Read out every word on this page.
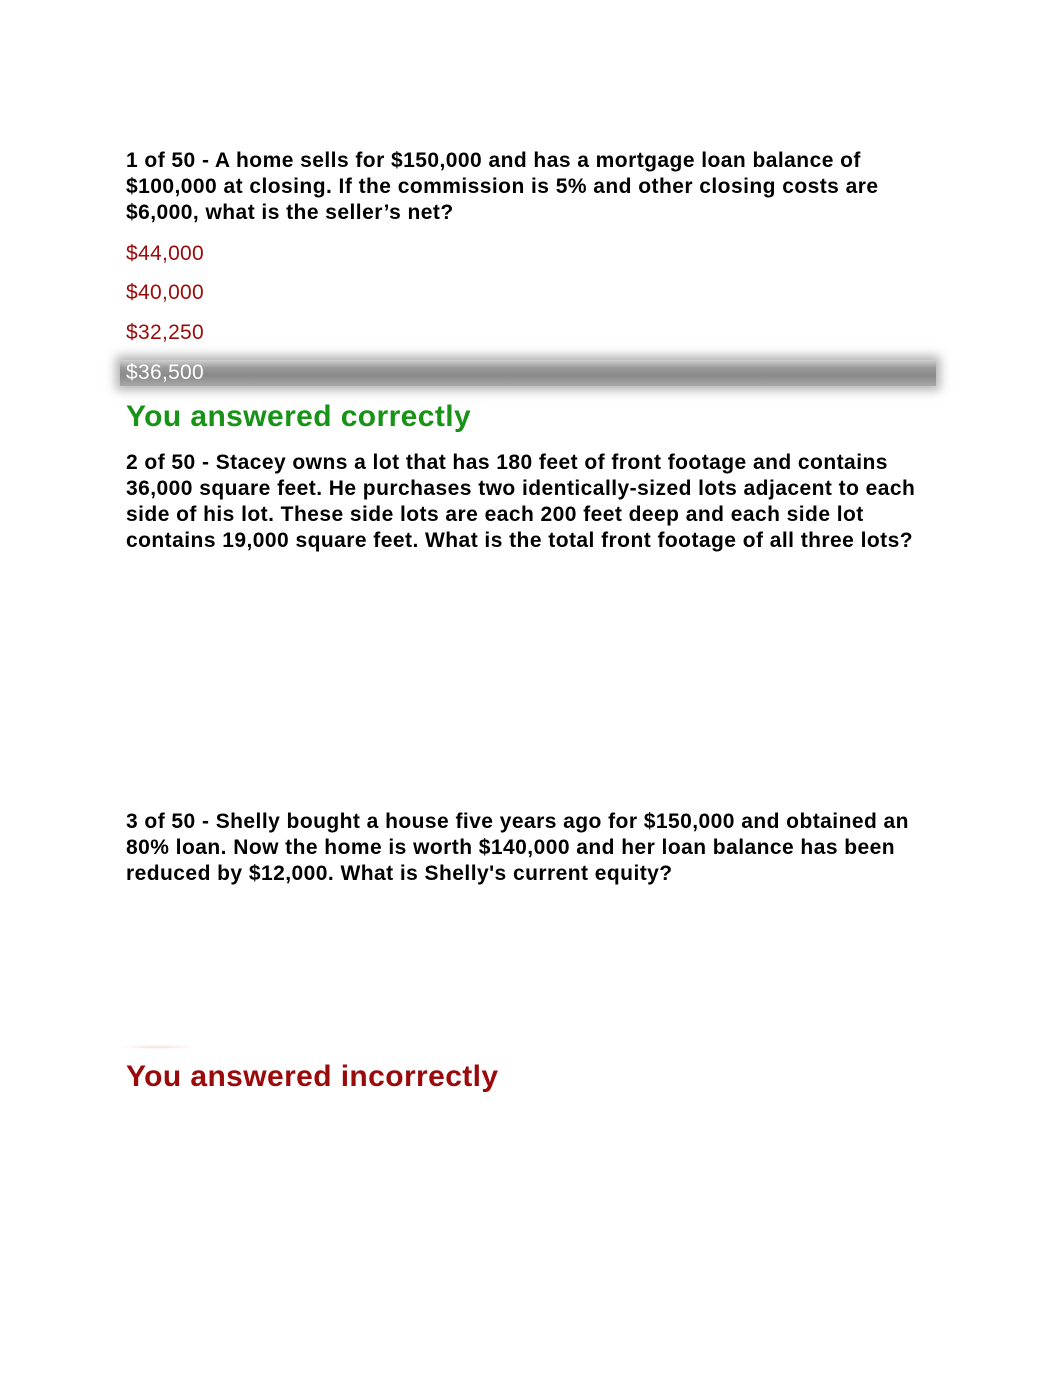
1 of 50 - A home sells for $150,000 and has a mortgage loan balance of $100,000 at closing. If the commission is 5% and other closing costs are $6,000, what is the seller’s net?

$44,000
$40,000
$32,250
$36,500
You answered correctly

2 of 50 - Stacey owns a lot that has 180 feet of front footage and contains 36,000 square feet. He purchases two identically-sized lots adjacent to each side of his lot. These side lots are each 200 feet deep and each side lot contains 19,000 square feet. What is the total front footage of all three lots?

3 of 50 - Shelly bought a house five years ago for $150,000 and obtained an 80% loan. Now the home is worth $140,000 and her loan balance has been reduced by $12,000. What is Shelly's current equity?

You answered incorrectly
